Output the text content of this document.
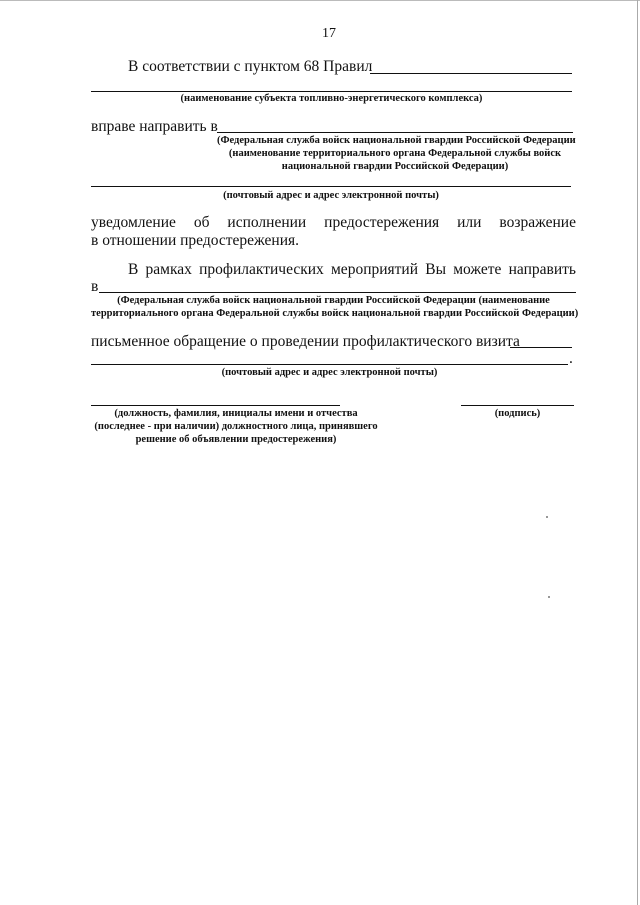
17
В соответствии с пунктом 68 Правил
(наименование субъекта топливно-энергетического комплекса)
вправе направить в
(Федеральная служба войск национальной гвардии Российской Федерации
(наименование территориального органа Федеральной службы войск
национальной гвардии Российской Федерации)
(почтовый адрес и адрес электронной почты)
уведомление об исполнении предостережения или возражение
в отношении предостережения.
В рамках профилактических мероприятий Вы можете направить
в
(Федеральная служба войск национальной гвардии Российской Федерации (наименование
территориального органа Федеральной службы войск национальной гвардии Российской Федерации)
письменное обращение о проведении профилактического визита
.
(почтовый адрес и адрес электронной почты)
(должность, фамилия, инициалы имени и отчества
(последнее - при наличии) должностного лица, принявшего
решение об объявлении предостережения)
(подпись)
